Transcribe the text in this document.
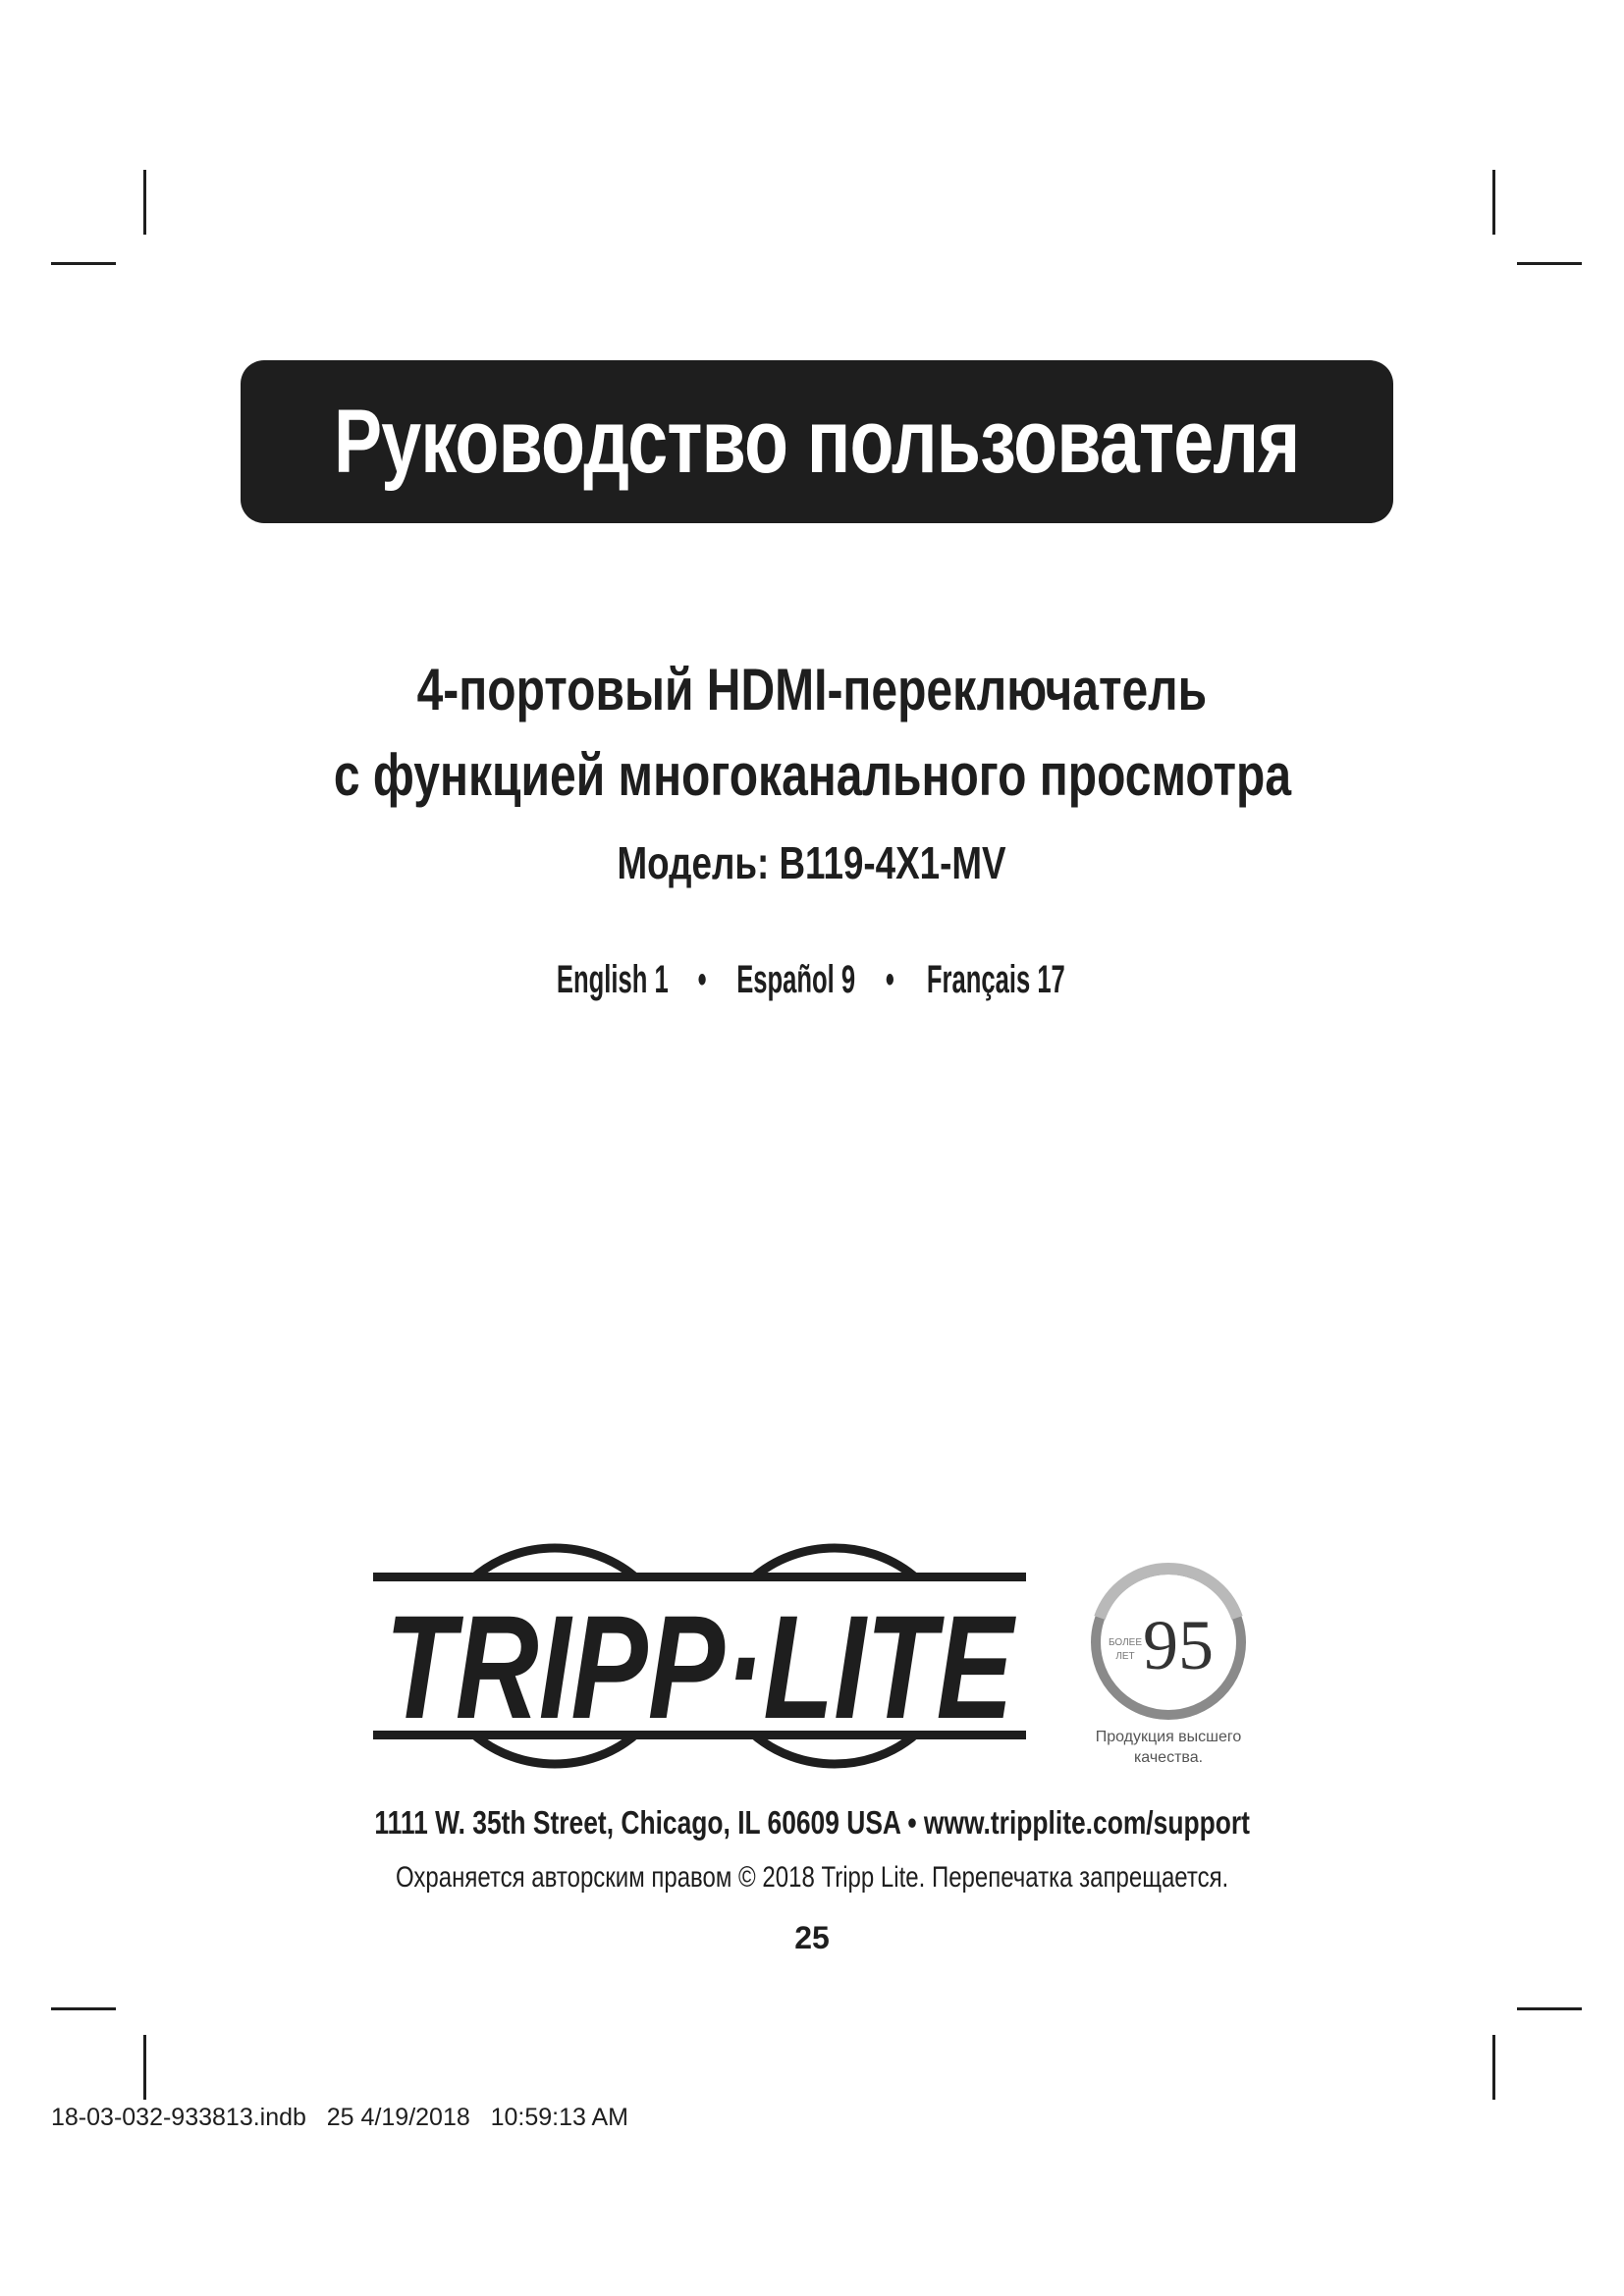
Руководство пользователя
4-портовый HDMI-переключатель
с функцией многоканального просмотра
Модель: B119-4X1-MV
English 1 • Español 9 • Français 17
TRIPP·LITE 95
БОЛЕЕ
ЛЕТ
Продукция высшего
качества.
1111 W. 35th Street, Chicago, IL 60609 USA • www.tripplite.com/support
Охраняется авторским правом © 2018 Tripp Lite. Перепечатка запрещается.
25
18-03-032-933813.indb 25 4/19/2018 10:59:13 AM
